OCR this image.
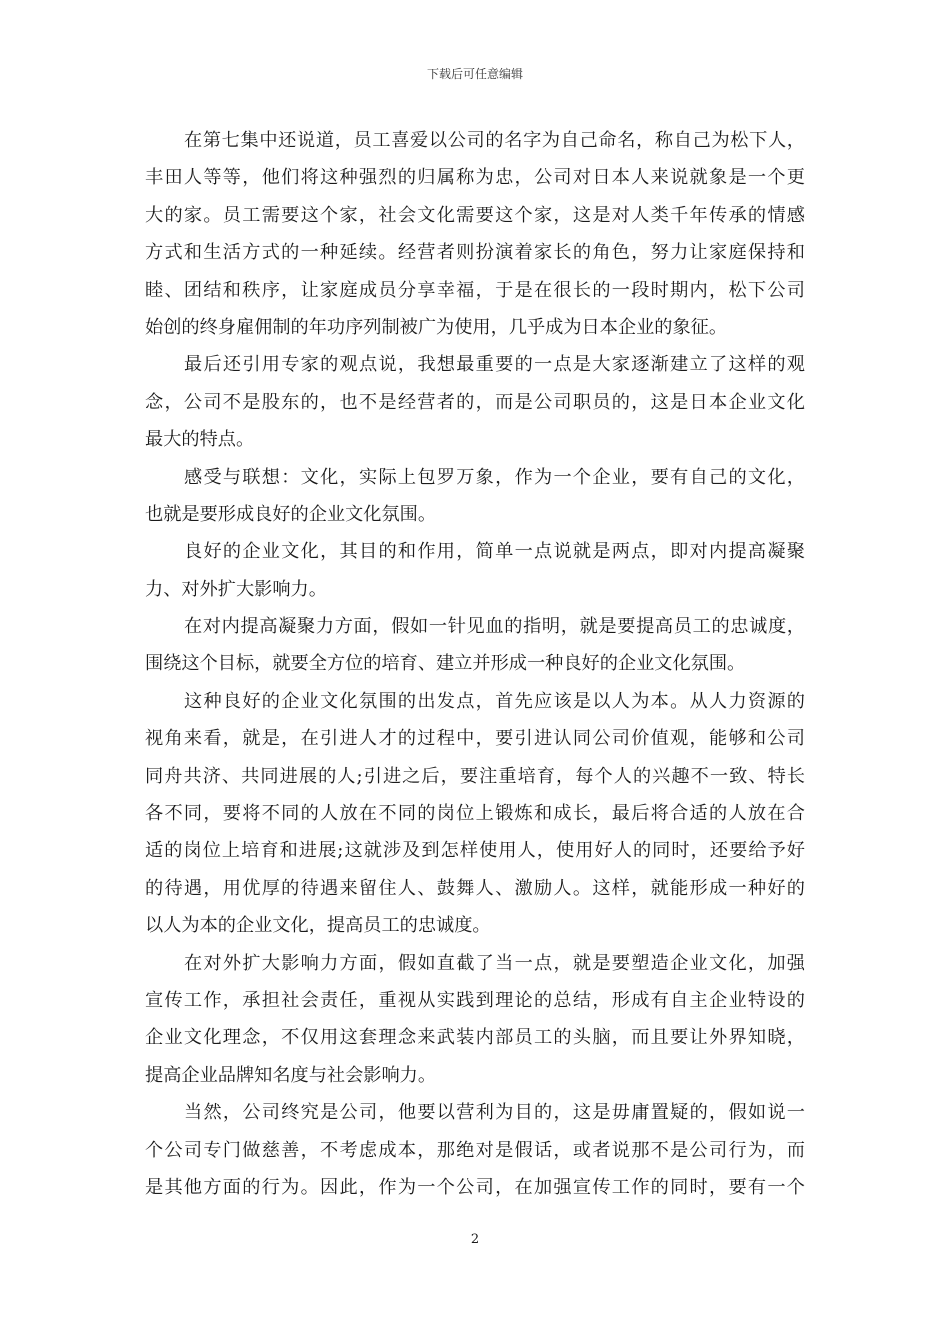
下载后可任意编辑
在第七集中还说道，员工喜爱以公司的名字为自己命名，称自己为松下人，
丰田人等等，他们将这种强烈的归属称为忠，公司对日本人来说就象是一个更
大的家。员工需要这个家，社会文化需要这个家，这是对人类千年传承的情感
方式和生活方式的一种延续。经营者则扮演着家长的角色，努力让家庭保持和
睦、团结和秩序，让家庭成员分享幸福，于是在很长的一段时期内，松下公司
始创的终身雇佣制的年功序列制被广为使用，几乎成为日本企业的象征。
最后还引用专家的观点说，我想最重要的一点是大家逐渐建立了这样的观
念，公司不是股东的，也不是经营者的，而是公司职员的，这是日本企业文化
最大的特点。
感受与联想：文化，实际上包罗万象，作为一个企业，要有自己的文化，
也就是要形成良好的企业文化氛围。
良好的企业文化，其目的和作用，简单一点说就是两点，即对内提高凝聚
力、对外扩大影响力。
在对内提高凝聚力方面，假如一针见血的指明，就是要提高员工的忠诚度，
围绕这个目标，就要全方位的培育、建立并形成一种良好的企业文化氛围。
这种良好的企业文化氛围的出发点，首先应该是以人为本。从人力资源的
视角来看，就是，在引进人才的过程中，要引进认同公司价值观，能够和公司
同舟共济、共同进展的人;引进之后，要注重培育，每个人的兴趣不一致、特长
各不同，要将不同的人放在不同的岗位上锻炼和成长，最后将合适的人放在合
适的岗位上培育和进展;这就涉及到怎样使用人，使用好人的同时，还要给予好
的待遇，用优厚的待遇来留住人、鼓舞人、激励人。这样，就能形成一种好的
以人为本的企业文化，提高员工的忠诚度。
在对外扩大影响力方面，假如直截了当一点，就是要塑造企业文化，加强
宣传工作，承担社会责任，重视从实践到理论的总结，形成有自主企业特设的
企业文化理念，不仅用这套理念来武装内部员工的头脑，而且要让外界知晓，
提高企业品牌知名度与社会影响力。
当然，公司终究是公司，他要以营利为目的，这是毋庸置疑的，假如说一
个公司专门做慈善，不考虑成本，那绝对是假话，或者说那不是公司行为，而
是其他方面的行为。因此，作为一个公司，在加强宣传工作的同时，要有一个
2
